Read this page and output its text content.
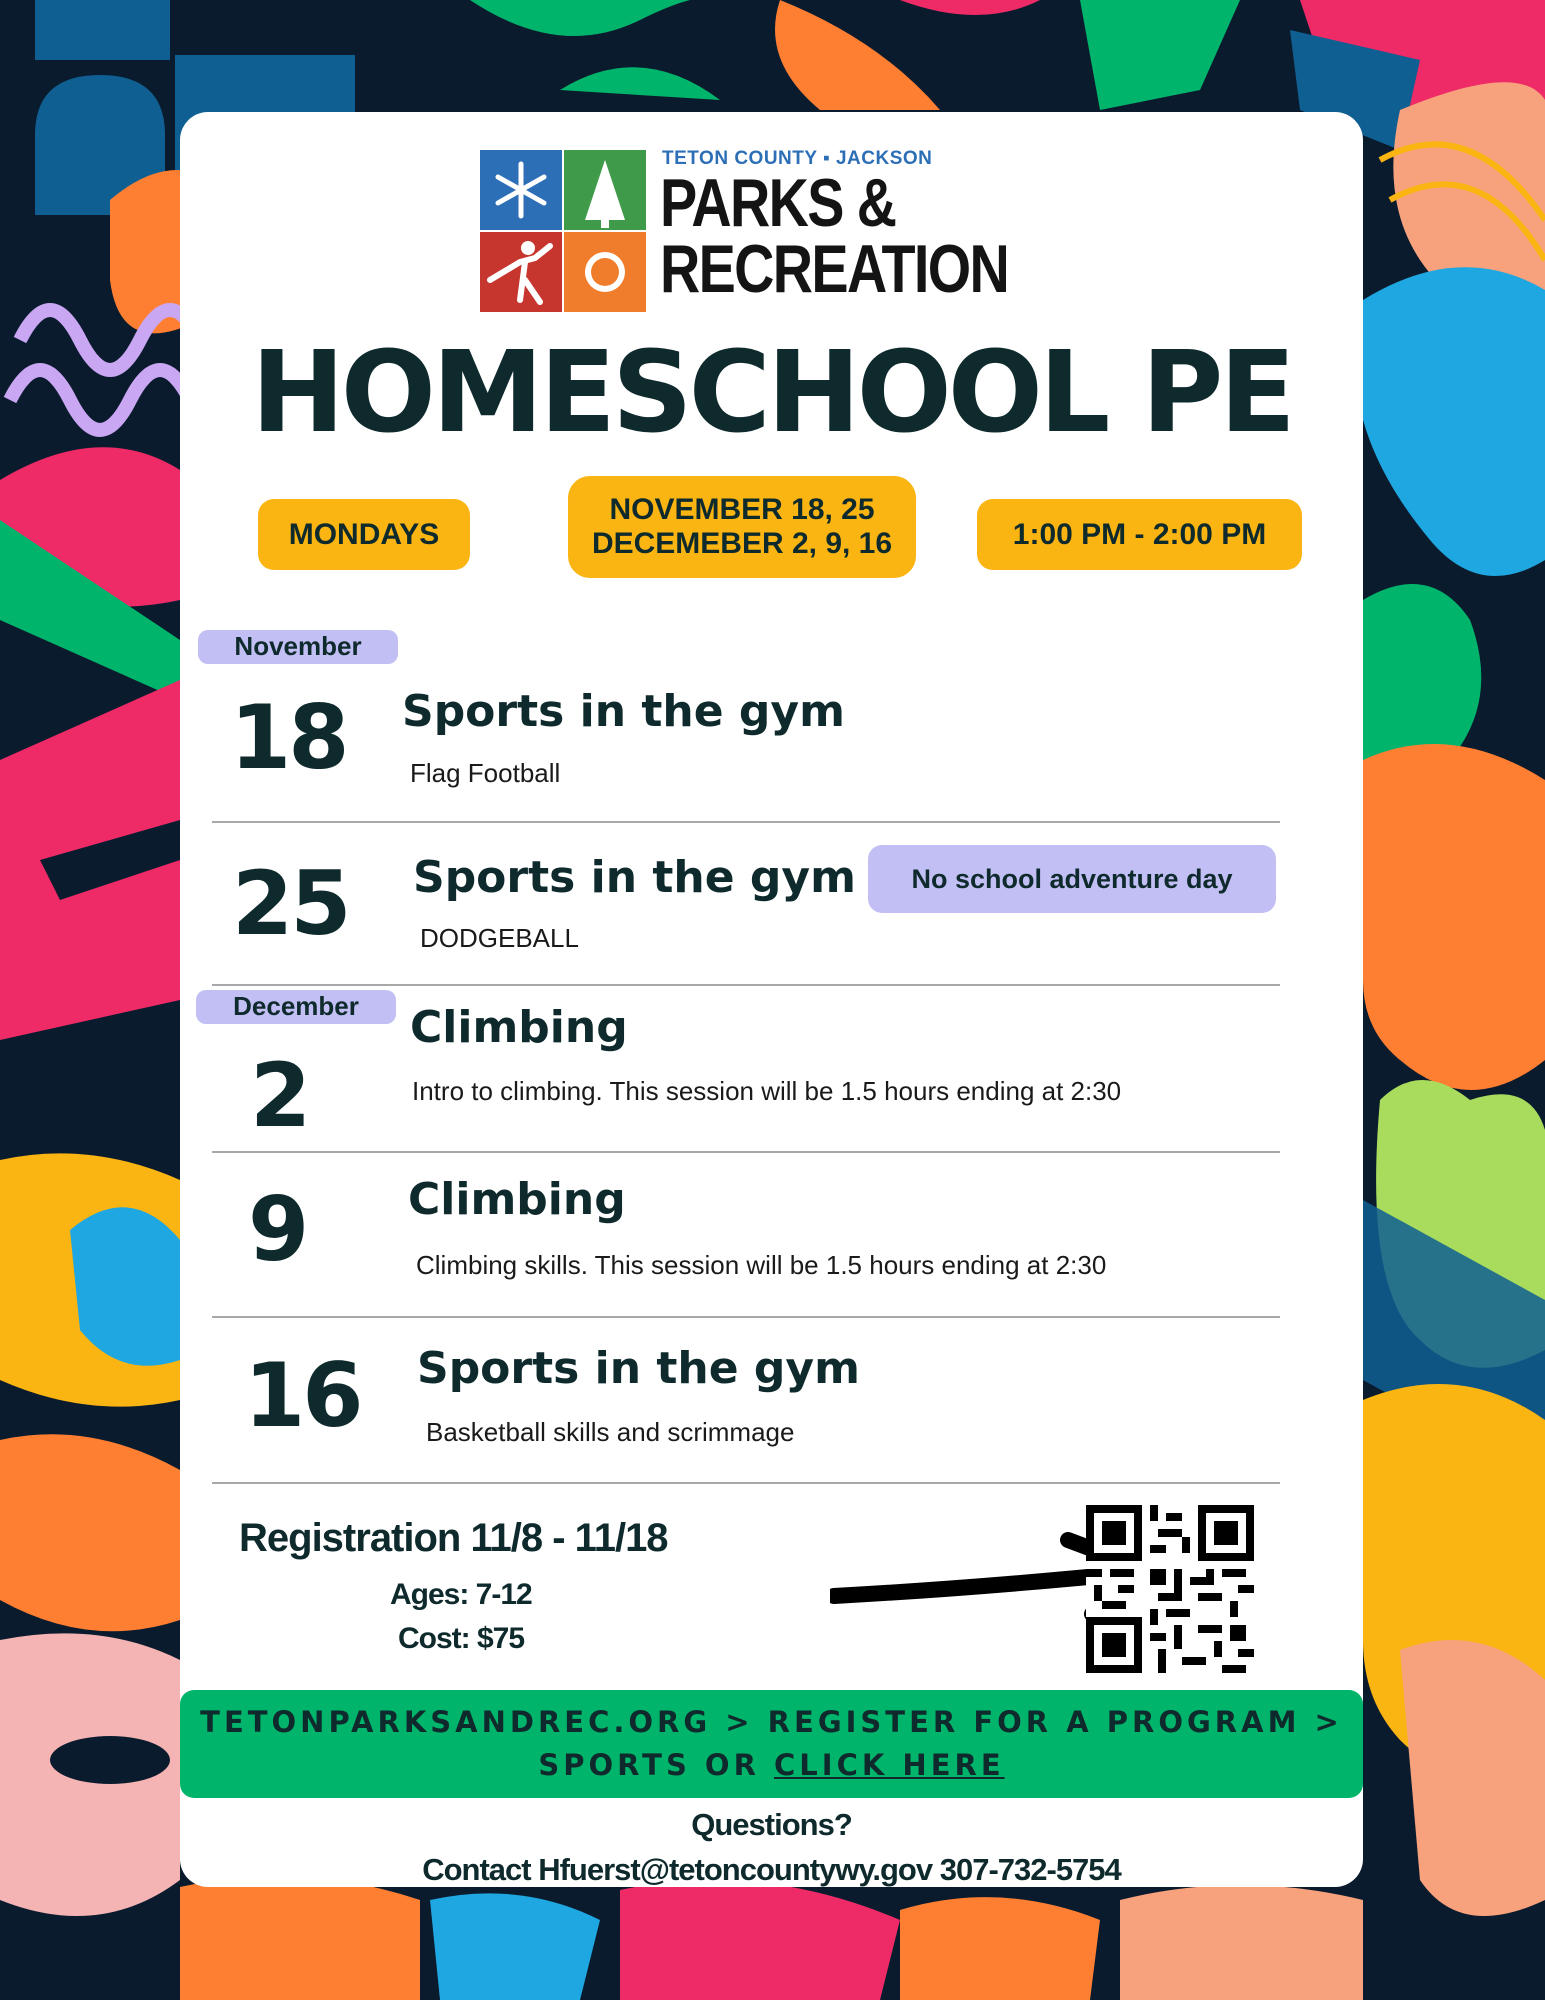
TETON COUNTY ▪ JACKSON
PARKS &
RECREATION
HOMESCHOOL PE
MONDAYS
NOVEMBER 18, 25
DECEMEBER 2, 9, 16	1:00 PM - 2:00 PM
November
18 Sports in the gym
Flag Football
25 Sports in the gym	No school adventure day
DODGEBALL
December
2
Climbing
Intro to climbing. This session will be 1.5 hours ending at 2:30
9 Climbing
Climbing skills. This session will be 1.5 hours ending at 2:30
16 Sports in the gym
Basketball skills and scrimmage
Registration 11/8 - 11/18
Ages: 7-12
Cost: $75
TETONPARKSANDREC.ORG > REGISTER FOR A PROGRAM >
SPORTS OR CLICK HERE
Questions?
Contact Hfuerst@tetoncountywy.gov 307-732-5754
